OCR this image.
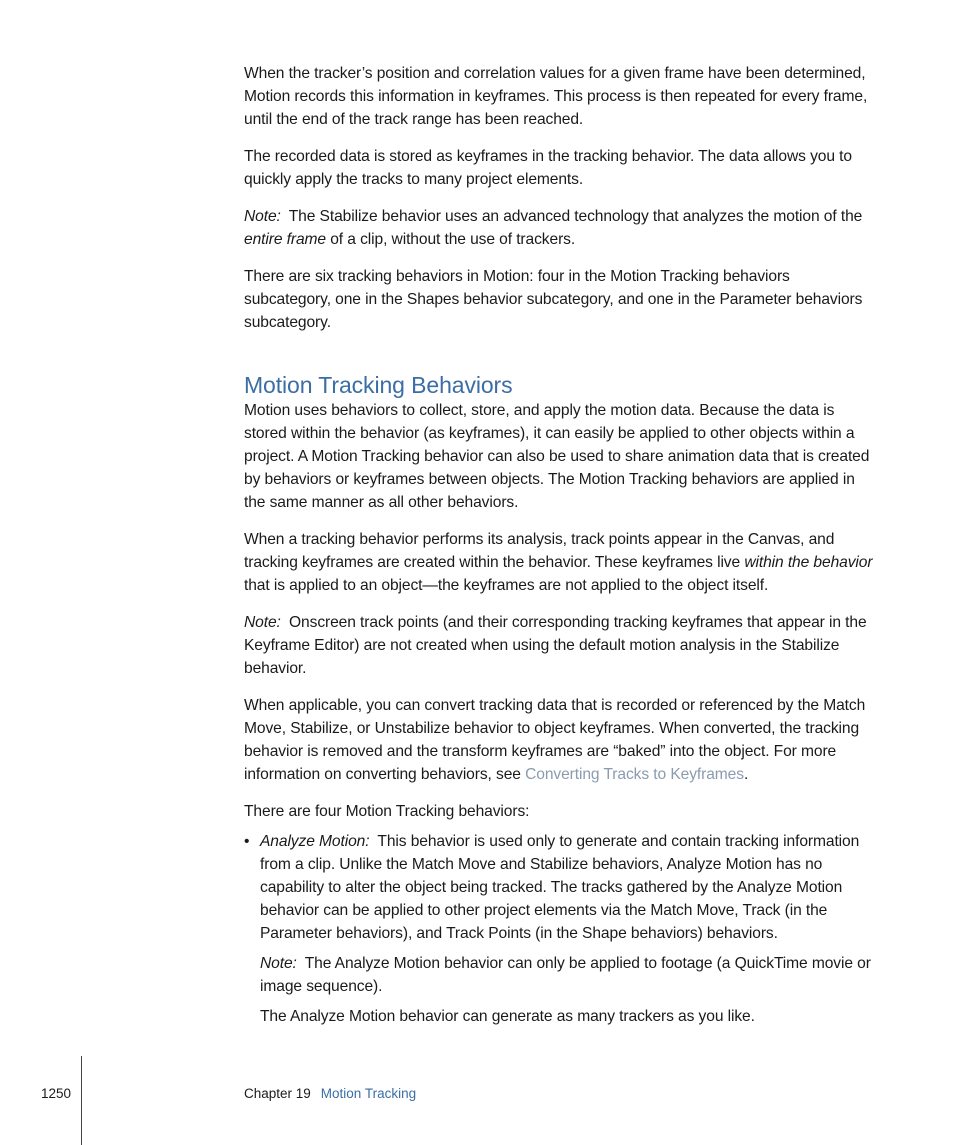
When the tracker’s position and correlation values for a given frame have been determined, Motion records this information in keyframes. This process is then repeated for every frame, until the end of the track range has been reached.

The recorded data is stored as keyframes in the tracking behavior. The data allows you to quickly apply the tracks to many project elements.

Note: The Stabilize behavior uses an advanced technology that analyzes the motion of the entire frame of a clip, without the use of trackers.

There are six tracking behaviors in Motion: four in the Motion Tracking behaviors subcategory, one in the Shapes behavior subcategory, and one in the Parameter behaviors subcategory.

Motion Tracking Behaviors

Motion uses behaviors to collect, store, and apply the motion data. Because the data is stored within the behavior (as keyframes), it can easily be applied to other objects within a project. A Motion Tracking behavior can also be used to share animation data that is created by behaviors or keyframes between objects. The Motion Tracking behaviors are applied in the same manner as all other behaviors.

When a tracking behavior performs its analysis, track points appear in the Canvas, and tracking keyframes are created within the behavior. These keyframes live within the behavior that is applied to an object—the keyframes are not applied to the object itself.

Note: Onscreen track points (and their corresponding tracking keyframes that appear in the Keyframe Editor) are not created when using the default motion analysis in the Stabilize behavior.

When applicable, you can convert tracking data that is recorded or referenced by the Match Move, Stabilize, or Unstabilize behavior to object keyframes. When converted, the tracking behavior is removed and the transform keyframes are “baked” into the object. For more information on converting behaviors, see Converting Tracks to Keyframes.

There are four Motion Tracking behaviors:

• Analyze Motion: This behavior is used only to generate and contain tracking information from a clip. Unlike the Match Move and Stabilize behaviors, Analyze Motion has no capability to alter the object being tracked. The tracks gathered by the Analyze Motion behavior can be applied to other project elements via the Match Move, Track (in the Parameter behaviors), and Track Points (in the Shape behaviors) behaviors.

Note: The Analyze Motion behavior can only be applied to footage (a QuickTime movie or image sequence).

The Analyze Motion behavior can generate as many trackers as you like.

1250	Chapter 19 Motion Tracking
